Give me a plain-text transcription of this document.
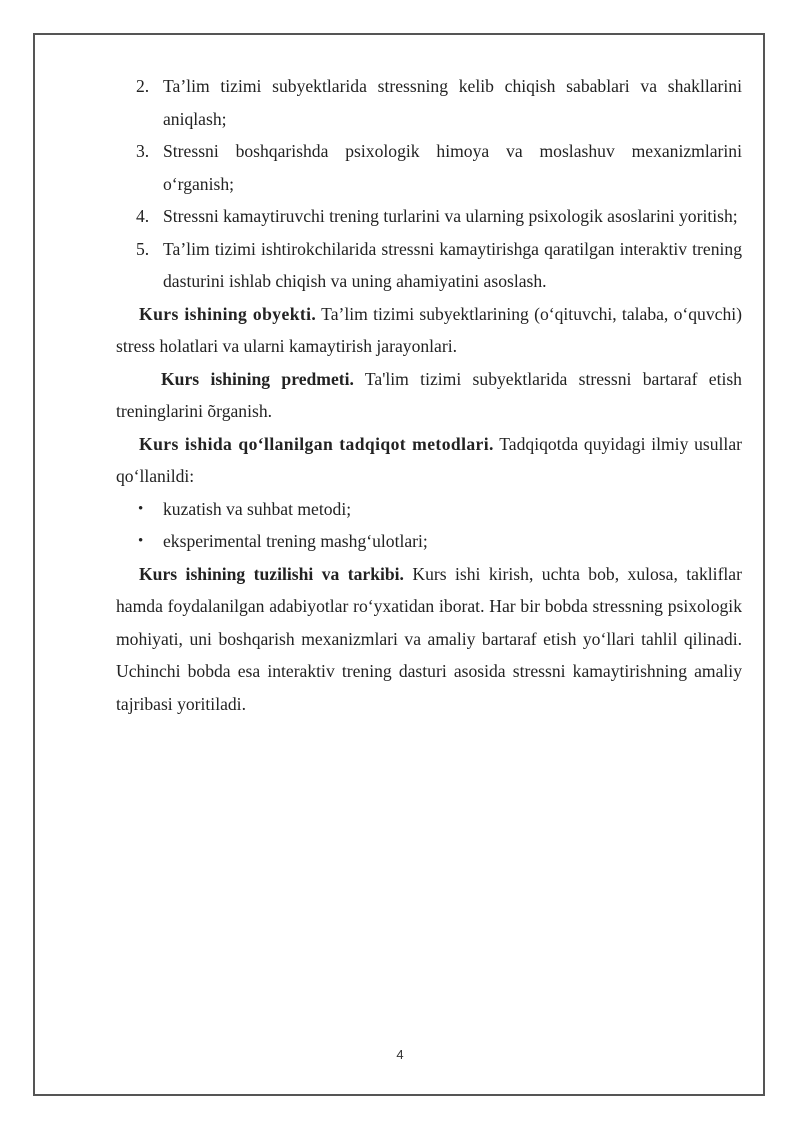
2. Ta’lim tizimi subyektlarida stressning kelib chiqish sabablari va shakllarini aniqlash;
3. Stressni boshqarishda psixologik himoya va moslashuv mexanizmlarini o‘rganish;
4. Stressni kamaytiruvchi trening turlarini va ularning psixologik asoslarini yoritish;
5. Ta’lim tizimi ishtirokchilarida stressni kamaytirishga qaratilgan interaktiv trening dasturini ishlab chiqish va uning ahamiyatini asoslash.

Kurs ishining obyekti. Ta’lim tizimi subyektlarining (o‘qituvchi, talaba, o‘quvchi) stress holatlari va ularni kamaytirish jarayonlari.

Kurs ishining predmeti. Ta'lim tizimi subyektlarida stressni bartaraf etish treninglarini õrganish.

Kurs ishida qo‘llanilgan tadqiqot metodlari. Tadqiqotda quyidagi ilmiy usullar qo‘llanildi:

• kuzatish va suhbat metodi;
• eksperimental trening mashg‘ulotlari;

Kurs ishining tuzilishi va tarkibi. Kurs ishi kirish, uchta bob, xulosa, takliflar hamda foydalanilgan adabiyotlar ro‘yxatidan iborat. Har bir bobda stressning psixologik mohiyati, uni boshqarish mexanizmlari va amaliy bartaraf etish yo‘llari tahlil qilinadi. Uchinchi bobda esa interaktiv trening dasturi asosida stressni kamaytirishning amaliy tajribasi yoritiladi.

4
